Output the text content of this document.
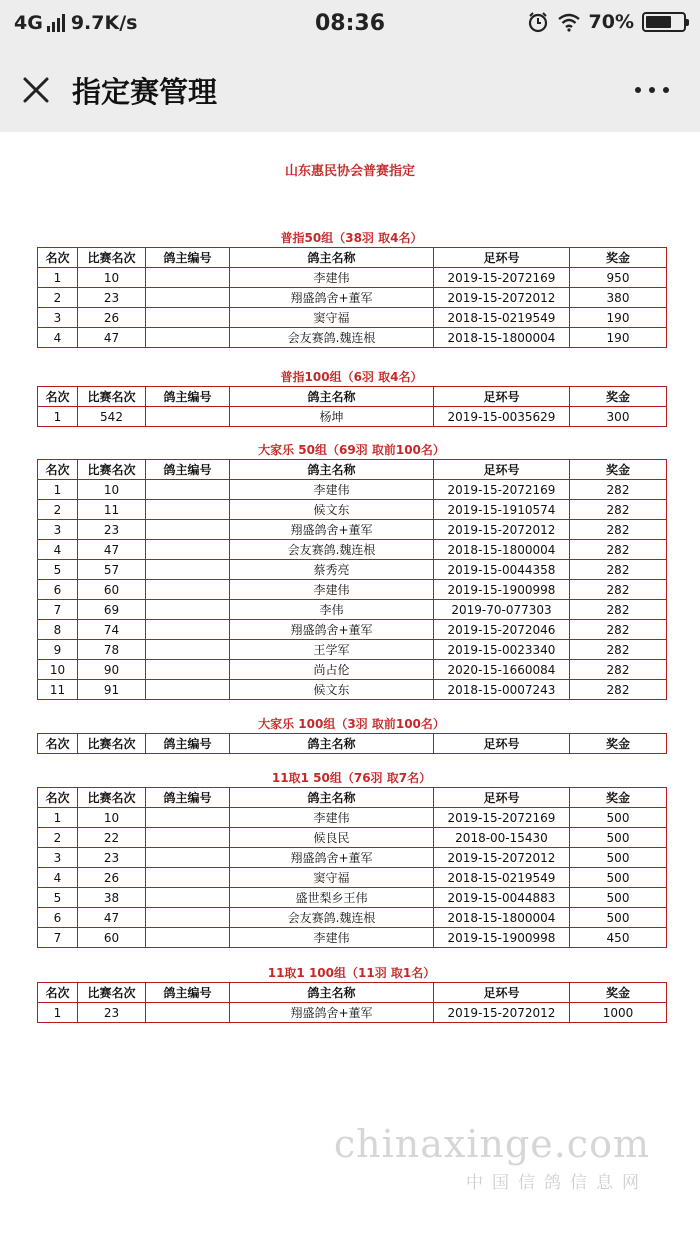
4G 9.7K/s	08:36	70%
指定赛管理
山东惠民协会普赛指定
普指50组（38羽 取4名）
名次	比赛名次	鸽主编号	鸽主名称	足环号	奖金
1	10		李建伟	2019-15-2072169	950
2	23		翔盛鸽舍+董军	2019-15-2072012	380
3	26		窦守福	2018-15-0219549	190
4	47		会友赛鸽.魏连根	2018-15-1800004	190
普指100组（6羽 取4名）
名次	比赛名次	鸽主编号	鸽主名称	足环号	奖金
1	542		杨坤	2019-15-0035629	300
大家乐 50组（69羽 取前100名）
名次	比赛名次	鸽主编号	鸽主名称	足环号	奖金
1	10		李建伟	2019-15-2072169	282
2	11		候文东	2019-15-1910574	282
3	23		翔盛鸽舍+董军	2019-15-2072012	282
4	47		会友赛鸽.魏连根	2018-15-1800004	282
5	57		蔡秀亮	2019-15-0044358	282
6	60		李建伟	2019-15-1900998	282
7	69		李伟	2019-70-077303	282
8	74		翔盛鸽舍+董军	2019-15-2072046	282
9	78		王学军	2019-15-0023340	282
10	90		尚占伦	2020-15-1660084	282
11	91		候文东	2018-15-0007243	282
大家乐 100组（3羽 取前100名）
名次	比赛名次	鸽主编号	鸽主名称	足环号	奖金
11取1 50组（76羽 取7名）
名次	比赛名次	鸽主编号	鸽主名称	足环号	奖金
1	10		李建伟	2019-15-2072169	500
2	22		候良民	2018-00-15430	500
3	23		翔盛鸽舍+董军	2019-15-2072012	500
4	26		窦守福	2018-15-0219549	500
5	38		盛世梨乡王伟	2019-15-0044883	500
6	47		会友赛鸽.魏连根	2018-15-1800004	500
7	60		李建伟	2019-15-1900998	450
11取1 100组（11羽 取1名）
名次	比赛名次	鸽主编号	鸽主名称	足环号	奖金
1	23		翔盛鸽舍+董军	2019-15-2072012	1000
chinaxinge.com
中国信鸽信息网
